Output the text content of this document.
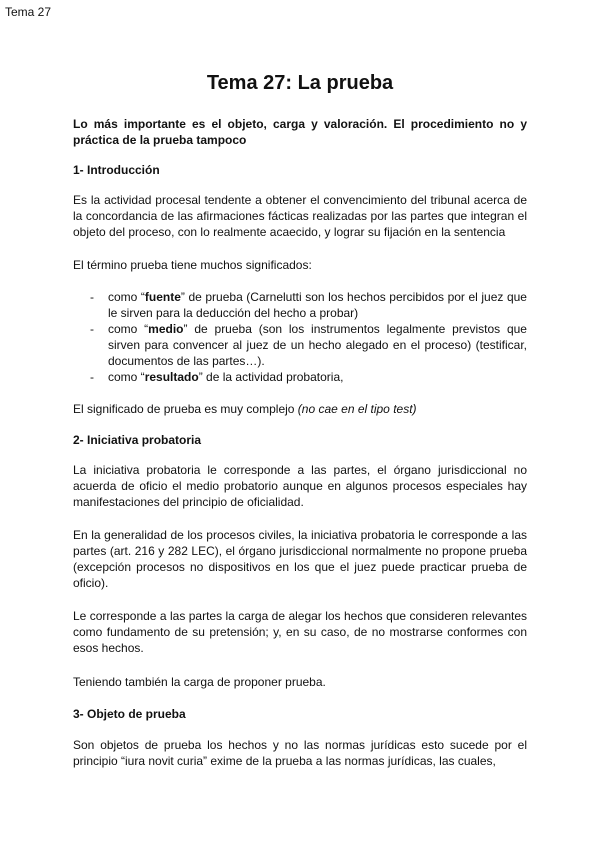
Tema 27
Tema 27: La prueba
Lo más importante es el objeto, carga y valoración. El procedimiento no y práctica de la prueba tampoco
1- Introducción
Es la actividad procesal tendente a obtener el convencimiento del tribunal acerca de la concordancia de las afirmaciones fácticas realizadas por las partes que integran el objeto del proceso, con lo realmente acaecido, y lograr su fijación en la sentencia
El término prueba tiene muchos significados:
- como “fuente” de prueba (Carnelutti son los hechos percibidos por el juez que le sirven para la deducción del hecho a probar)
- como “medio” de prueba (son los instrumentos legalmente previstos que sirven para convencer al juez de un hecho alegado en el proceso) (testificar, documentos de las partes…).
- como “resultado” de la actividad probatoria,
El significado de prueba es muy complejo (no cae en el tipo test)
2- Iniciativa probatoria
La iniciativa probatoria le corresponde a las partes, el órgano jurisdiccional no acuerda de oficio el medio probatorio aunque en algunos procesos especiales hay manifestaciones del principio de oficialidad.
En la generalidad de los procesos civiles, la iniciativa probatoria le corresponde a las partes (art. 216 y 282 LEC), el órgano jurisdiccional normalmente no propone prueba (excepción procesos no dispositivos en los que el juez puede practicar prueba de oficio).
Le corresponde a las partes la carga de alegar los hechos que consideren relevantes como fundamento de su pretensión; y, en su caso, de no mostrarse conformes con esos hechos.
Teniendo también la carga de proponer prueba.
3- Objeto de prueba
Son objetos de prueba los hechos y no las normas jurídicas esto sucede por el principio “iura novit curia” exime de la prueba a las normas jurídicas, las cuales,
